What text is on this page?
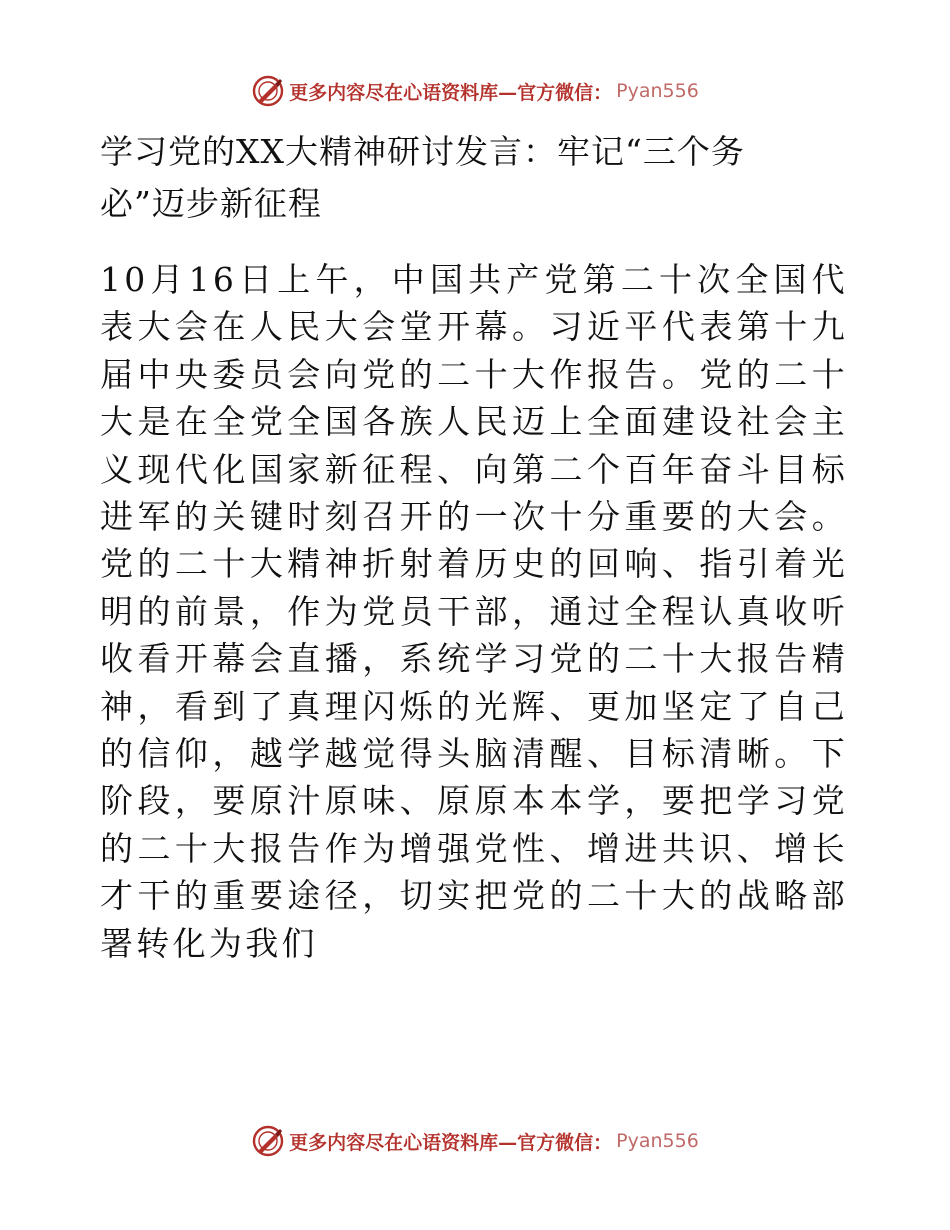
更多内容尽在心语资料库—官方微信： Pyan556
学习党的XX大精神研讨发言：牢记“三个务必”迈步新征程

10月16日上午，中国共产党第二十次全国代表大会在人民大会堂开幕。习近平代表第十九届中央委员会向党的二十大作报告。党的二十大是在全党全国各族人民迈上全面建设社会主义现代化国家新征程、向第二个百年奋斗目标进军的关键时刻召开的一次十分重要的大会。党的二十大精神折射着历史的回响、指引着光明的前景，作为党员干部，通过全程认真收听收看开幕会直播，系统学习党的二十大报告精神，看到了真理闪烁的光辉、更加坚定了自己的信仰，越学越觉得头脑清醒、目标清晰。下阶段，要原汁原味、原原本本学，要把学习党的二十大报告作为增强党性、增进共识、增长才干的重要途径，切实把党的二十大的战略部署转化为我们

更多内容尽在心语资料库—官方微信： Pyan556
